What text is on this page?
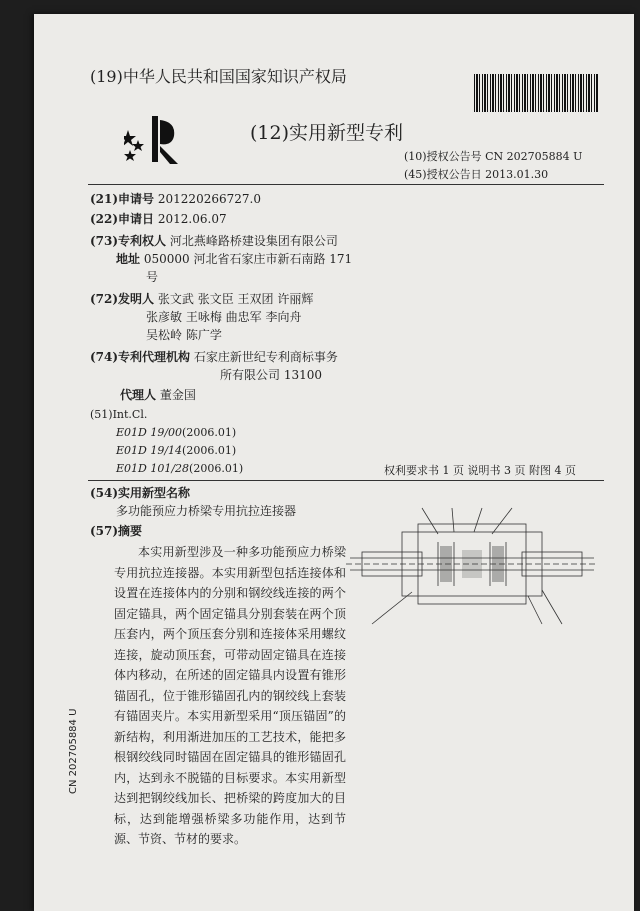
(19)中华人民共和国国家知识产权局
(12)实用新型专利
(10)授权公告号 CN 202705884 U
(45)授权公告日 2013.01.30
(21)申请号 201220266727.0
(22)申请日 2012.06.07
(73)专利权人 河北燕峰路桥建设集团有限公司
地址 050000 河北省石家庄市新石南路 171
号
(72)发明人 张文武 张文臣 王双团 许丽辉
张彦敏 王咏梅 曲忠军 李向舟
吴松岭 陈广学
(74)专利代理机构 石家庄新世纪专利商标事务
所有限公司 13100
代理人 董金国
(51)Int.Cl.
E01D 19/00(2006.01)
E01D 19/14(2006.01)
E01D 101/28(2006.01)	权利要求书 1 页 说明书 3 页 附图 4 页
(54)实用新型名称
多功能预应力桥梁专用抗拉连接器
(57)摘要
本实用新型涉及一种多功能预应力桥梁专用抗拉连接器。本实用新型包括连接体和设置在连接体内的分别和钢绞线连接的两个固定锚具，两个固定锚具分别套装在两个顶压套内，两个顶压套分别和连接体采用螺纹连接，旋动顶压套，可带动固定锚具在连接体内移动，在所述的固定锚具内设置有锥形锚固孔，位于锥形锚固孔内的钢绞线上套装有锚固夹片。本实用新型采用“顶压锚固”的新结构，利用渐进加压的工艺技术，能把多根钢绞线同时锚固在固定锚具的锥形锚固孔内，达到永不脱锚的目标要求。本实用新型达到把钢绞线加长、把桥梁的跨度加大的目标，达到能增强桥梁多功能作用，达到节源、节资、节材的要求。
CN 202705884 U
